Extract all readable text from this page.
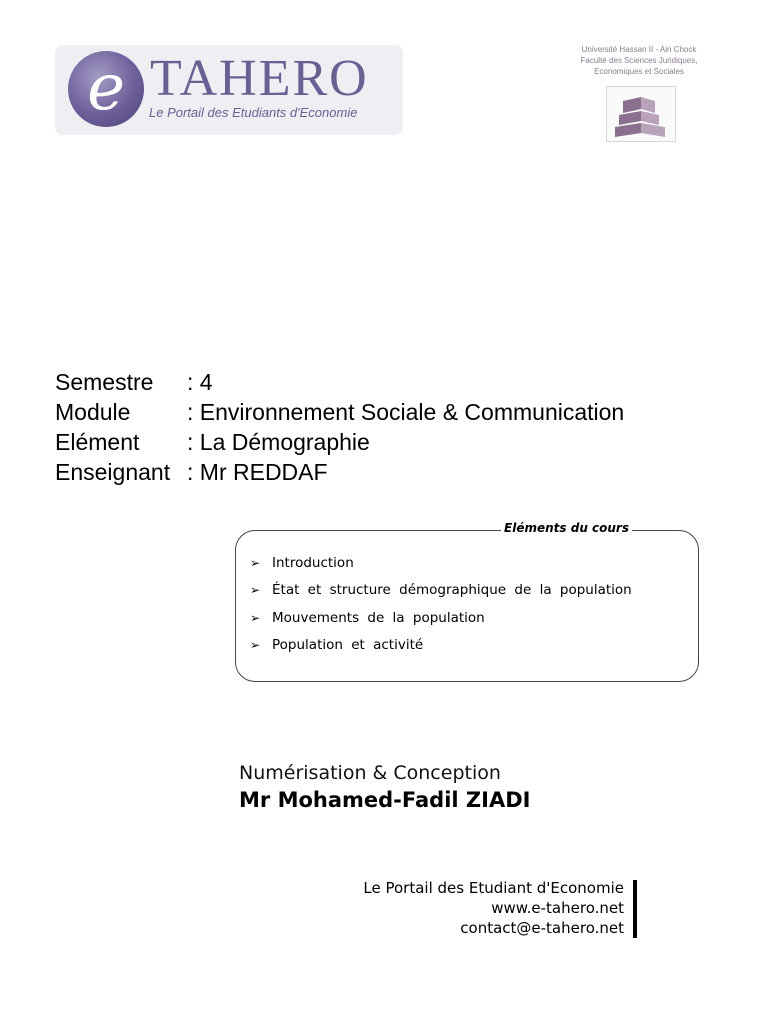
e TAHERO
Le Portail des Etudiants d'Economie
Université Hassan II - Ain Chock
Faculté des Sciences Juridiques,
Economiques et Sociales
Semestre	: 4
Module	: Environnement Sociale & Communication
Elément	: La Démographie
Enseignant : Mr REDDAF
Eléments du cours
➢ Introduction
➢ État et structure démographique de la population
➢ Mouvements de la population
➢ Population et activité
Numérisation & Conception
Mr Mohamed-Fadil ZIADI
Le Portail des Etudiant d'Economie
www.e-tahero.net
contact@e-tahero.net
